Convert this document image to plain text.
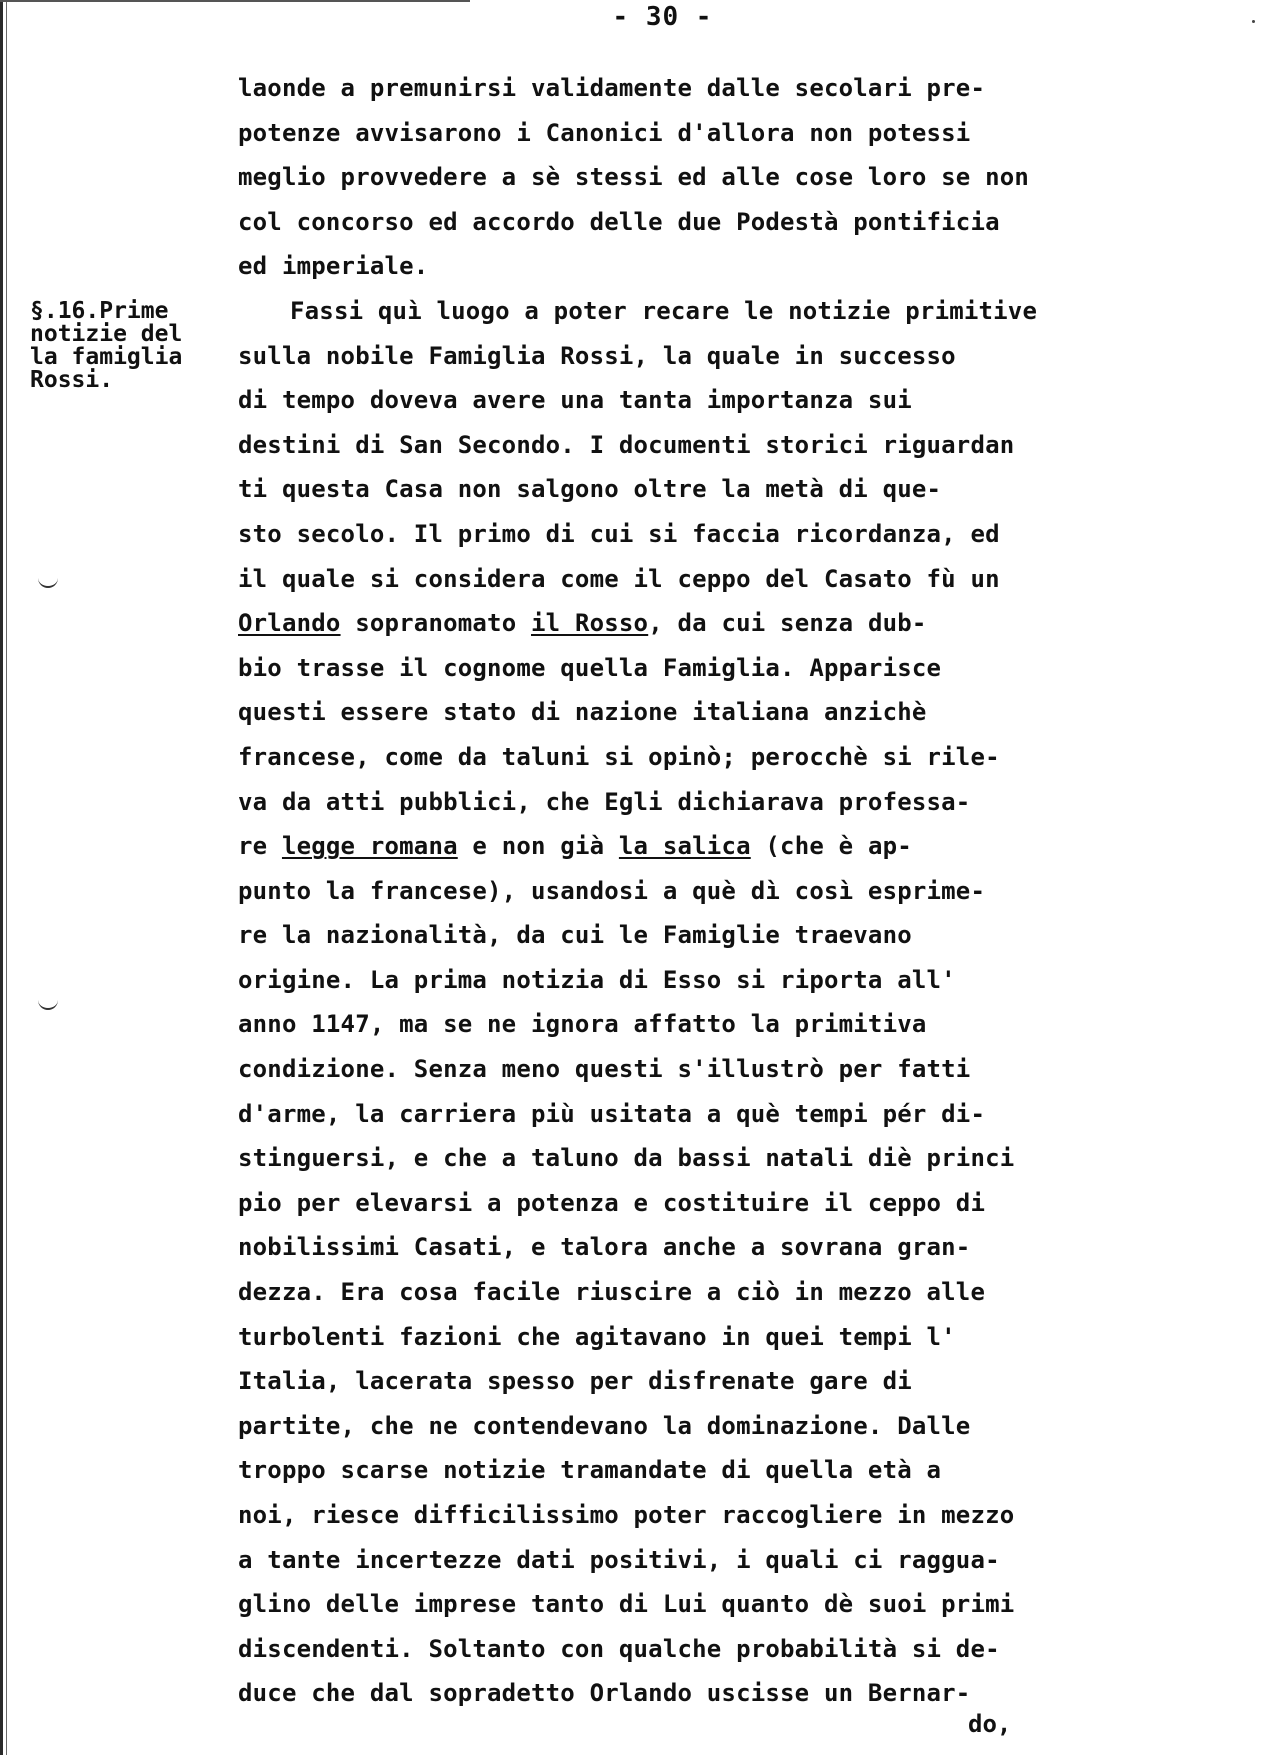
- 30 -
§.16.Prime
notizie del
la famiglia
Rossi.
laonde a premunirsi validamente dalle secolari pre-
potenze avvisarono i Canonici d'allora non potessi
meglio provvedere a sè stessi ed alle cose loro se non
col concorso ed accordo delle due Podestà pontificia
ed imperiale.
Fassi quì luogo a poter recare le notizie primitive
sulla nobile Famiglia Rossi, la quale in successo
di tempo doveva avere una tanta importanza sui
destini di San Secondo. I documenti storici riguardan
ti questa Casa non salgono oltre la metà di que-
sto secolo. Il primo di cui si faccia ricordanza, ed
il quale si considera come il ceppo del Casato fù un
Orlando sopranomato il Rosso, da cui senza dub-
bio trasse il cognome quella Famiglia. Apparisce
questi essere stato di nazione italiana anzichè
francese, come da taluni si opinò; perocchè si rile-
va da atti pubblici, che Egli dichiarava professa-
re legge romana e non già la salica (che è ap-
punto la francese), usandosi a què dì così esprime-
re la nazionalità, da cui le Famiglie traevano
origine. La prima notizia di Esso si riporta all'
anno 1147, ma se ne ignora affatto la primitiva
condizione. Senza meno questi s'illustrò per fatti
d'arme, la carriera più usitata a què tempi pér di-
stinguersi, e che a taluno da bassi natali diè princi
pio per elevarsi a potenza e costituire il ceppo di
nobilissimi Casati, e talora anche a sovrana gran-
dezza. Era cosa facile riuscire a ciò in mezzo alle
turbolenti fazioni che agitavano in quei tempi l'
Italia, lacerata spesso per disfrenate gare di
partite, che ne contendevano la dominazione. Dalle
troppo scarse notizie tramandate di quella età a
noi, riesce difficilissimo poter raccogliere in mezzo
a tante incertezze dati positivi, i quali ci raggua-
glino delle imprese tanto di Lui quanto dè suoi primi
discendenti. Soltanto con qualche probabilità si de-
duce che dal sopradetto Orlando uscisse un Bernar-
do,
